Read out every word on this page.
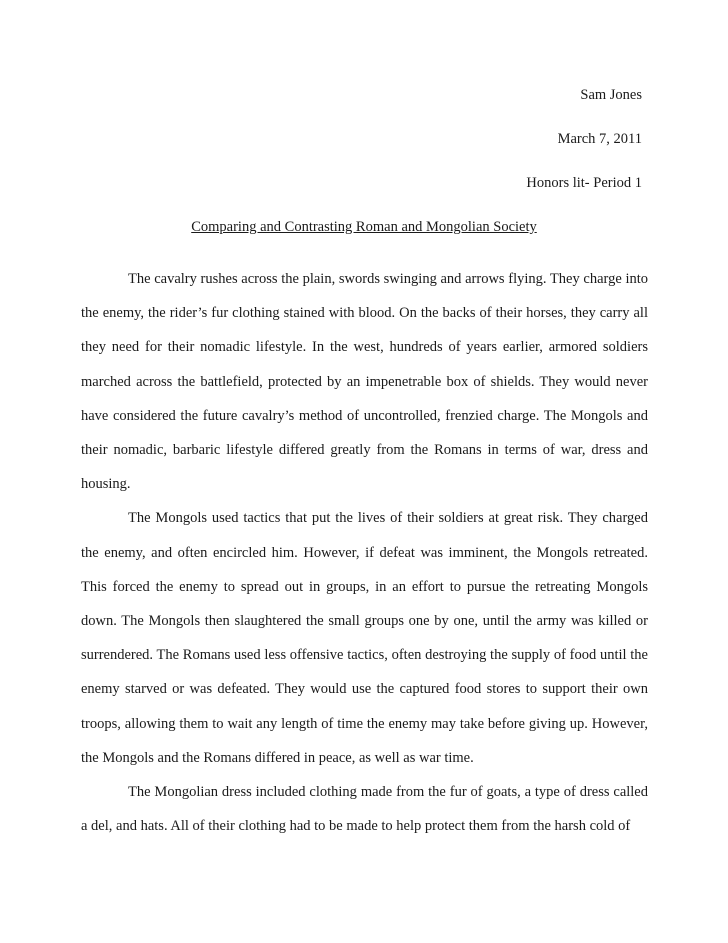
Sam Jones
March 7, 2011
Honors lit- Period 1
Comparing and Contrasting Roman and Mongolian Society

The cavalry rushes across the plain, swords swinging and arrows flying. They charge into the enemy, the rider’s fur clothing stained with blood. On the backs of their horses, they carry all they need for their nomadic lifestyle. In the west, hundreds of years earlier, armored soldiers marched across the battlefield, protected by an impenetrable box of shields. They would never have considered the future cavalry’s method of uncontrolled, frenzied charge. The Mongols and their nomadic, barbaric lifestyle differed greatly from the Romans in terms of war, dress and housing.

The Mongols used tactics that put the lives of their soldiers at great risk. They charged the enemy, and often encircled him. However, if defeat was imminent, the Mongols retreated. This forced the enemy to spread out in groups, in an effort to pursue the retreating Mongols down. The Mongols then slaughtered the small groups one by one, until the army was killed or surrendered. The Romans used less offensive tactics, often destroying the supply of food until the enemy starved or was defeated. They would use the captured food stores to support their own troops, allowing them to wait any length of time the enemy may take before giving up. However, the Mongols and the Romans differed in peace, as well as war time.

The Mongolian dress included clothing made from the fur of goats, a type of dress called a del, and hats. All of their clothing had to be made to help protect them from the harsh cold of
